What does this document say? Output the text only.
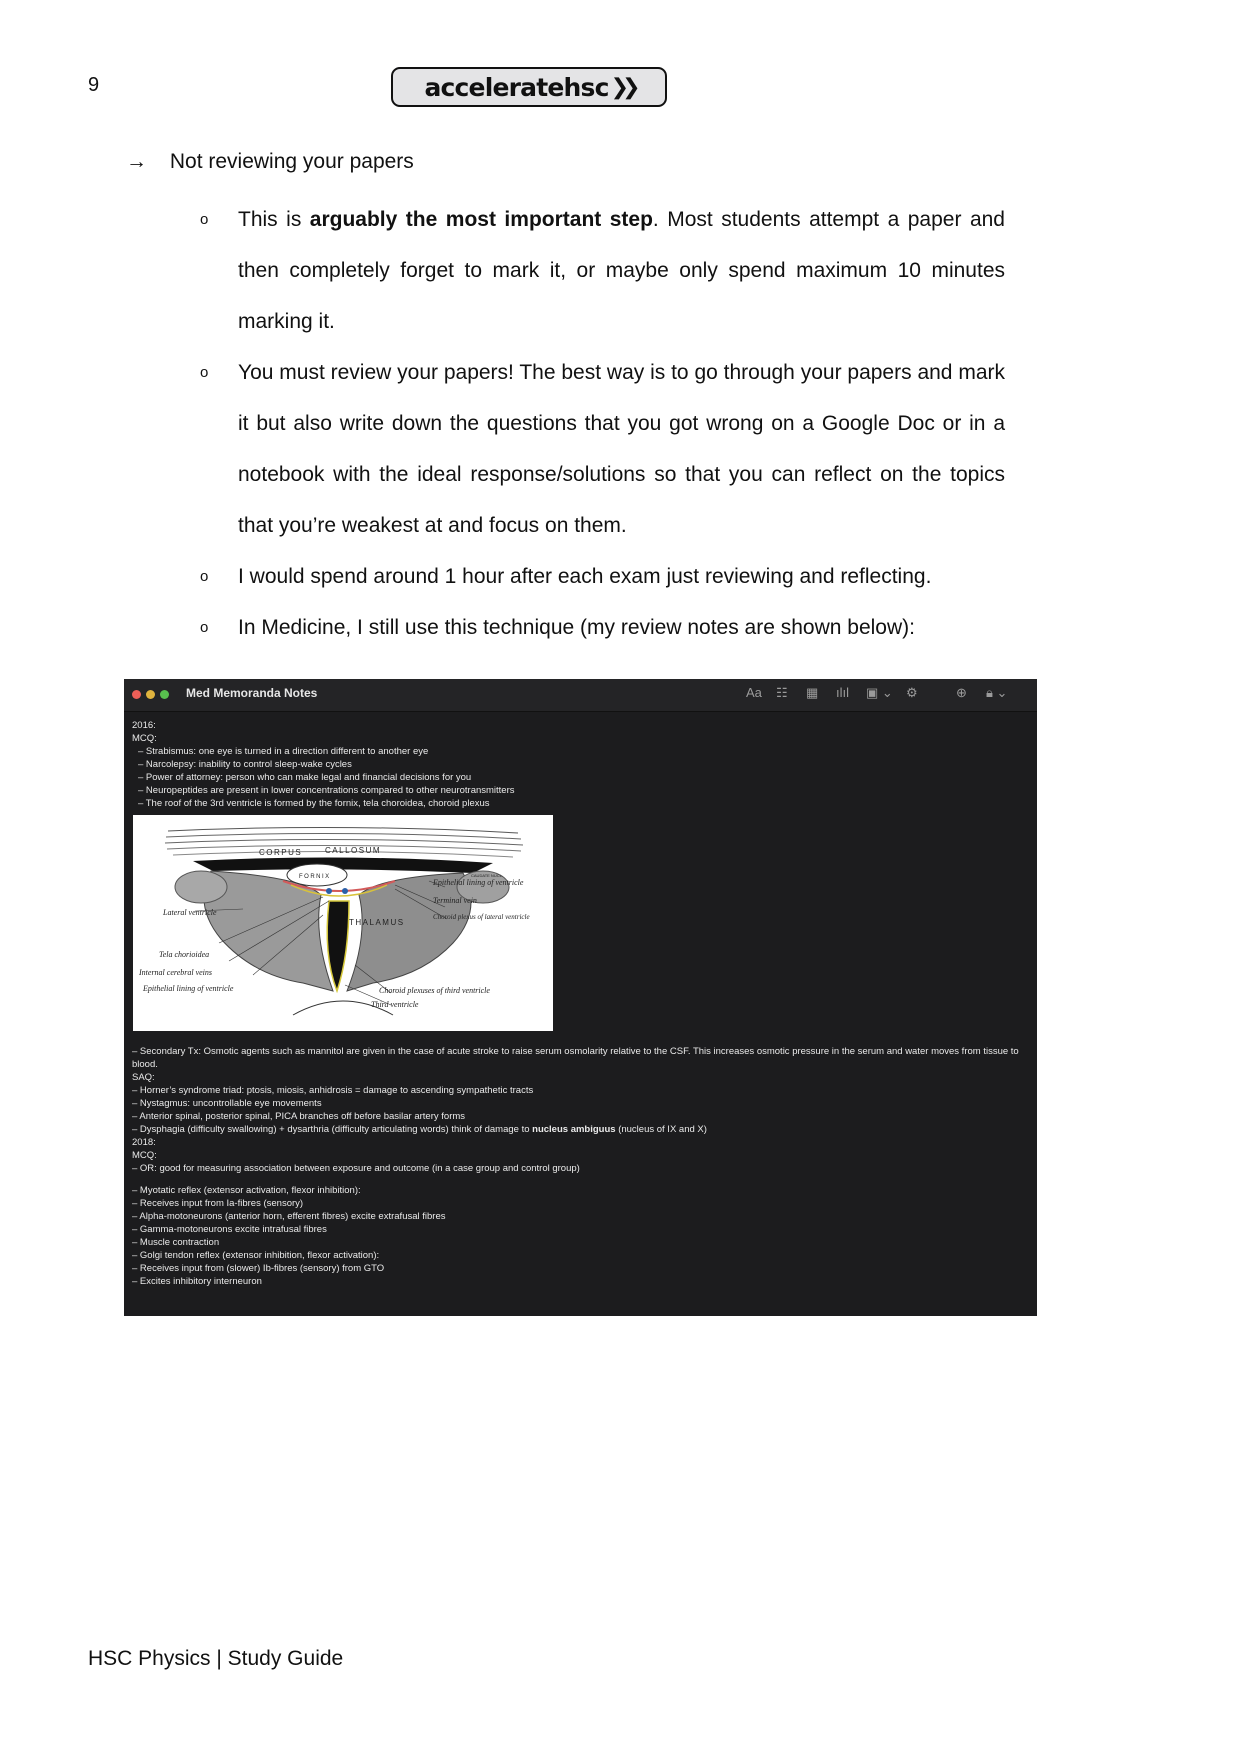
9	acceleratehsc ❯❯
→ Not reviewing your papers
o This is arguably the most important step. Most students attempt a paper and then completely forget to mark it, or maybe only spend maximum 10 minutes marking it.
o You must review your papers! The best way is to go through your papers and mark it but also write down the questions that you got wrong on a Google Doc or in a notebook with the ideal response/solutions so that you can reflect on the topics that you’re weakest at and focus on them.
o I would spend around 1 hour after each exam just reviewing and reflecting.
o In Medicine, I still use this technique (my review notes are shown below):
Med Memoranda Notes	Aa ☷ ▦ ılıl ▣ ⌄ ⚙	⊕ 🔒︎ ⌄
2016:
MCQ:
– Strabismus: one eye is turned in a direction different to another eye
– Narcolepsy: inability to control sleep-wake cycles
– Power of attorney: person who can make legal and financial decisions for you
– Neuropeptides are present in lower concentrations compared to other neurotransmitters
– The roof of the 3rd ventricle is formed by the fornix, tela choroidea, choroid plexus
CORPUS	CALLOSUM
FORNIX
THALAMUS
CAUDATE NUCL.
Lateral ventricle
Tela chorioidea
Internal cerebral veins
Epithelial lining of ventricle
Epithelial lining of ventricle
Terminal vein
Choroid plexus of lateral ventricle
Choroid plexuses of third ventricle
Third ventricle
– Secondary Tx: Osmotic agents such as mannitol are given in the case of acute stroke to raise serum osmolarity relative to the CSF. This increases osmotic pressure in the serum and water moves from tissue to blood.
SAQ:
– Horner’s syndrome triad: ptosis, miosis, anhidrosis = damage to ascending sympathetic tracts
– Nystagmus: uncontrollable eye movements
– Anterior spinal, posterior spinal, PICA branches off before basilar artery forms
– Dysphagia (difficulty swallowing) + dysarthria (difficulty articulating words) think of damage to nucleus ambiguus (nucleus of IX and X)
2018:
MCQ:
– OR: good for measuring association between exposure and outcome (in a case group and control group)
– Myotatic reflex (extensor activation, flexor inhibition):
– Receives input from Ia-fibres (sensory)
– Alpha-motoneurons (anterior horn, efferent fibres) excite extrafusal fibres
– Gamma-motoneurons excite intrafusal fibres
– Muscle contraction
– Golgi tendon reflex (extensor inhibition, flexor activation):
– Receives input from (slower) Ib-fibres (sensory) from GTO
– Excites inhibitory interneuron
HSC Physics | Study Guide
